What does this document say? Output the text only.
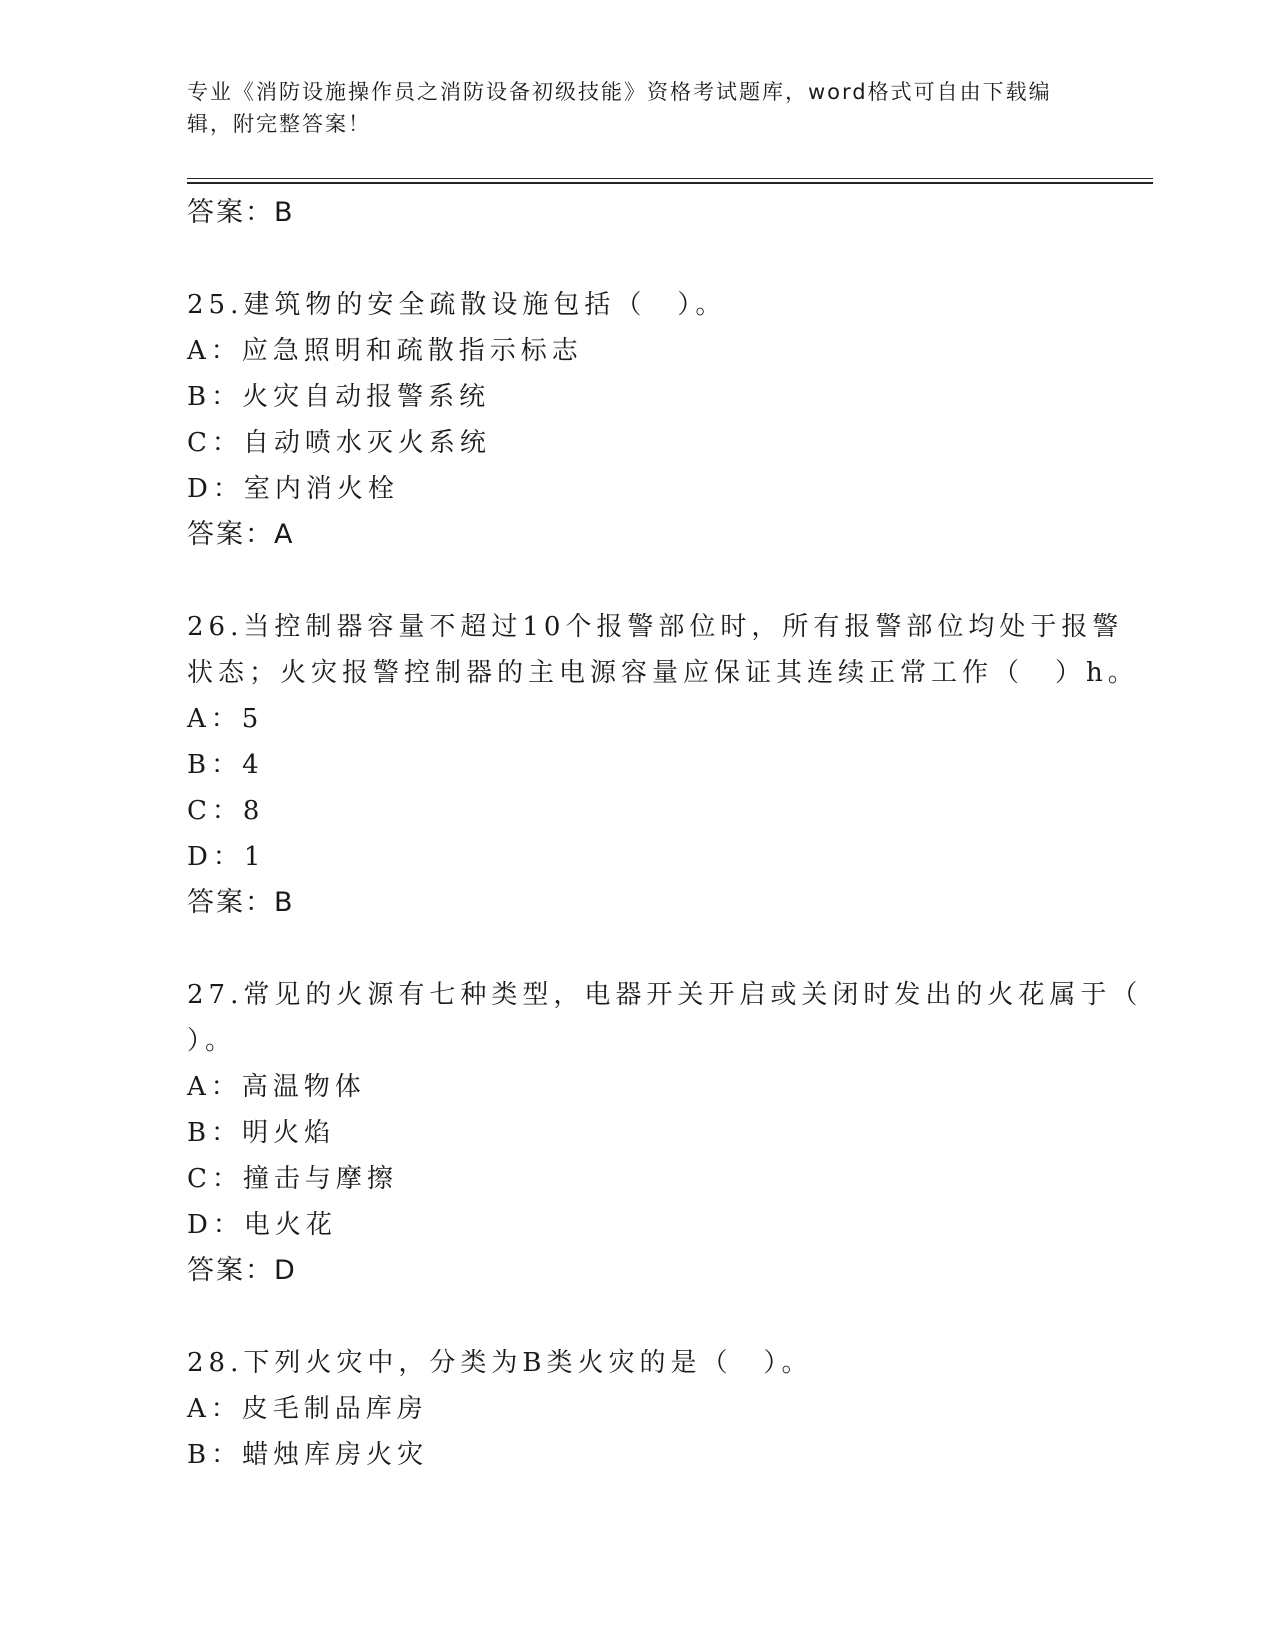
专业《消防设施操作员之消防设备初级技能》资格考试题库，word格式可自由下载编辑，附完整答案！
答案：B
25.建筑物的安全疏散设施包括（　）。
A：应急照明和疏散指示标志
B：火灾自动报警系统
C：自动喷水灭火系统
D：室内消火栓
答案：A
26.当控制器容量不超过10个报警部位时，所有报警部位均处于报警
状态；火灾报警控制器的主电源容量应保证其连续正常工作（　）h。
A：5
B：4
C：8
D：1
答案：B
27.常见的火源有七种类型，电器开关开启或关闭时发出的火花属于（
）。
A：高温物体
B：明火焰
C：撞击与摩擦
D：电火花
答案：D
28.下列火灾中，分类为B类火灾的是（　）。
A：皮毛制品库房
B：蜡烛库房火灾
